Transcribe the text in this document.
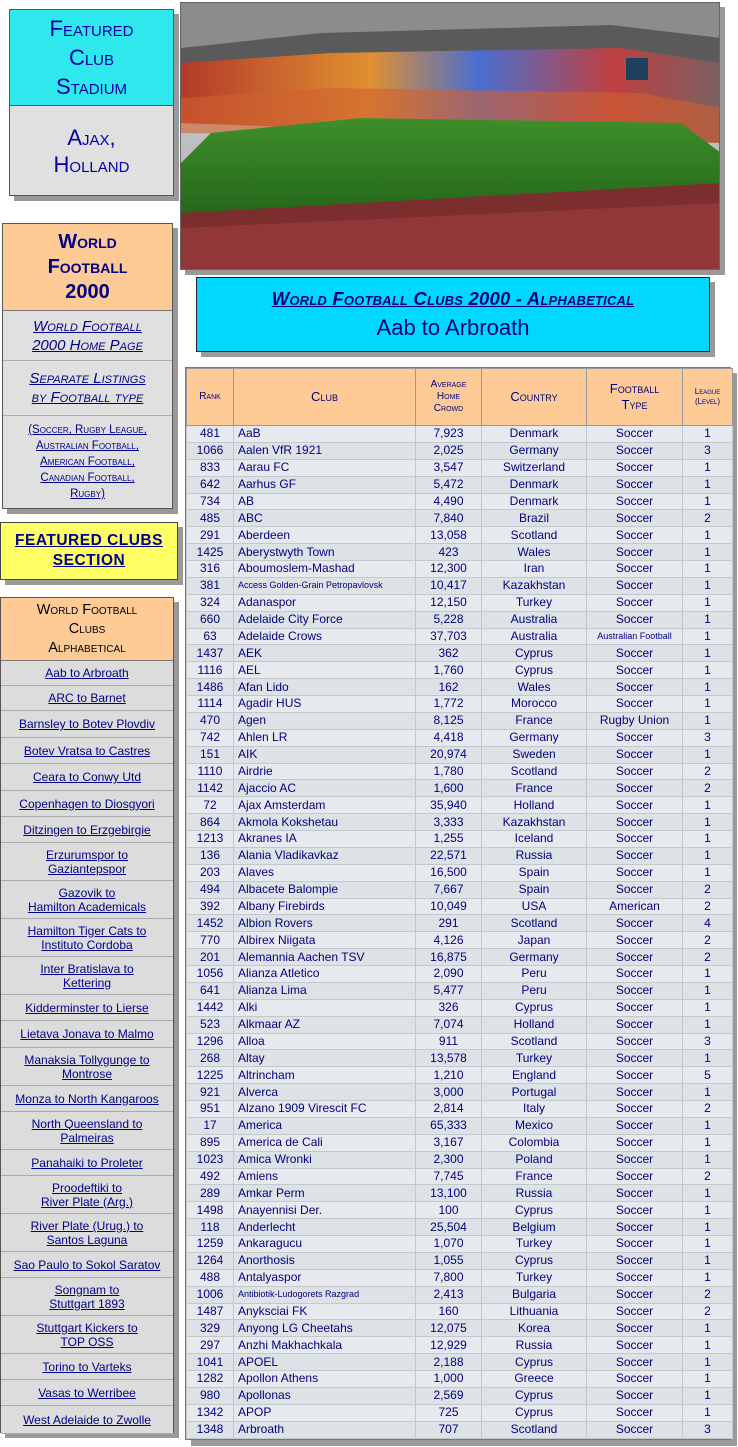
Featured
Club
Stadium
Ajax,
Holland
World
Football
2000
World Football
2000 Home Page
Separate Listings
by Football type
(Soccer, Rugby League,
Australian Football,
American Football,
Canadian Football,
Rugby)
FEATURED CLUBS
SECTION
World Football
Clubs
Alphabetical
Aab to Arbroath
ARC to Barnet
Barnsley to Botev Plovdiv
Botev Vratsa to Castres
Ceara to Conwy Utd
Copenhagen to Diosgyori
Ditzingen to Erzgebirgie
Erzurumspor to
Gaziantepspor
Gazovik to
Hamilton Academicals
Hamilton Tiger Cats to
Instituto Cordoba
Inter Bratislava to
Kettering
Kidderminster to Lierse
Lietava Jonava to Malmo
Manaksia Tollygunge to
Montrose
Monza to North Kangaroos
North Queensland to
Palmeiras
Panahaiki to Proleter
Proodeftiki to
River Plate (Arg.)
River Plate (Urug.) to
Santos Laguna
Sao Paulo to Sokol Saratov
Songnam to
Stuttgart 1893
Stuttgart Kickers to
TOP OSS
Torino to Varteks
Vasas to Werribee
West Adelaide to Zwolle
World Football Clubs 2000 - Alphabetical
Aab to Arbroath
Rank	Club	Average
Home
Crowd	Country	Football
Type	League
(Level)
481	AaB	7,923	Denmark	Soccer	1
1066	Aalen VfR 1921	2,025	Germany	Soccer	3
833	Aarau FC	3,547	Switzerland	Soccer	1
642	Aarhus GF	5,472	Denmark	Soccer	1
734	AB	4,490	Denmark	Soccer	1
485	ABC	7,840	Brazil	Soccer	2
291	Aberdeen	13,058	Scotland	Soccer	1
1425	Aberystwyth Town	423	Wales	Soccer	1
316	Aboumoslem-Mashad	12,300	Iran	Soccer	1
381	Access Golden-Grain Petropavlovsk	10,417	Kazakhstan	Soccer	1
324	Adanaspor	12,150	Turkey	Soccer	1
660	Adelaide City Force	5,228	Australia	Soccer	1
63	Adelaide Crows	37,703	Australia	Australian Football	1
1437	AEK	362	Cyprus	Soccer	1
1116	AEL	1,760	Cyprus	Soccer	1
1486	Afan Lido	162	Wales	Soccer	1
1114	Agadir HUS	1,772	Morocco	Soccer	1
470	Agen	8,125	France	Rugby Union	1
742	Ahlen LR	4,418	Germany	Soccer	3
151	AIK	20,974	Sweden	Soccer	1
1110	Airdrie	1,780	Scotland	Soccer	2
1142	Ajaccio AC	1,600	France	Soccer	2
72	Ajax Amsterdam	35,940	Holland	Soccer	1
864	Akmola Kokshetau	3,333	Kazakhstan	Soccer	1
1213	Akranes IA	1,255	Iceland	Soccer	1
136	Alania Vladikavkaz	22,571	Russia	Soccer	1
203	Alaves	16,500	Spain	Soccer	1
494	Albacete Balompie	7,667	Spain	Soccer	2
392	Albany Firebirds	10,049	USA	American	2
1452	Albion Rovers	291	Scotland	Soccer	4
770	Albirex Niigata	4,126	Japan	Soccer	2
201	Alemannia Aachen TSV	16,875	Germany	Soccer	2
1056	Alianza Atletico	2,090	Peru	Soccer	1
641	Alianza Lima	5,477	Peru	Soccer	1
1442	Alki	326	Cyprus	Soccer	1
523	Alkmaar AZ	7,074	Holland	Soccer	1
1296	Alloa	911	Scotland	Soccer	3
268	Altay	13,578	Turkey	Soccer	1
1225	Altrincham	1,210	England	Soccer	5
921	Alverca	3,000	Portugal	Soccer	1
951	Alzano 1909 Virescit FC	2,814	Italy	Soccer	2
17	America	65,333	Mexico	Soccer	1
895	America de Cali	3,167	Colombia	Soccer	1
1023	Amica Wronki	2,300	Poland	Soccer	1
492	Amiens	7,745	France	Soccer	2
289	Amkar Perm	13,100	Russia	Soccer	1
1498	Anayennisi Der.	100	Cyprus	Soccer	1
118	Anderlecht	25,504	Belgium	Soccer	1
1259	Ankaragucu	1,070	Turkey	Soccer	1
1264	Anorthosis	1,055	Cyprus	Soccer	1
488	Antalyaspor	7,800	Turkey	Soccer	1
1006	Antibiotik-Ludogorets Razgrad	2,413	Bulgaria	Soccer	2
1487	Anyksciai FK	160	Lithuania	Soccer	2
329	Anyong LG Cheetahs	12,075	Korea	Soccer	1
297	Anzhi Makhachkala	12,929	Russia	Soccer	1
1041	APOEL	2,188	Cyprus	Soccer	1
1282	Apollon Athens	1,000	Greece	Soccer	1
980	Apollonas	2,569	Cyprus	Soccer	1
1342	APOP	725	Cyprus	Soccer	1
1348	Arbroath	707	Scotland	Soccer	3
